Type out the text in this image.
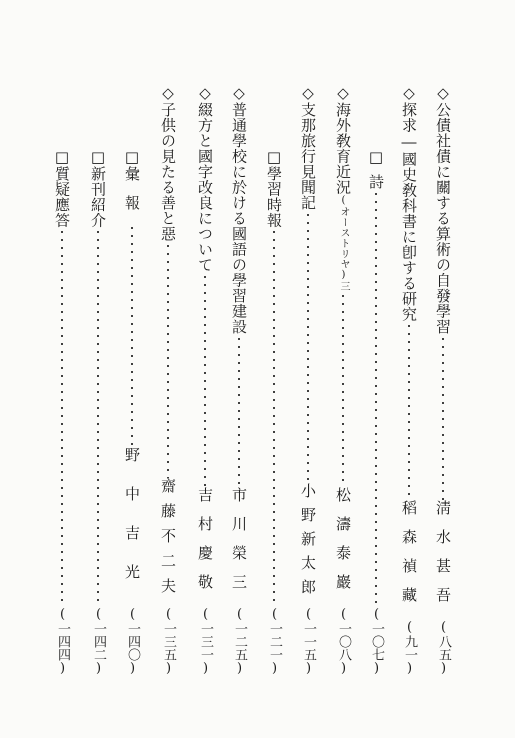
◇
公債社債に關する算術の自發學習
淸水甚吾
(八五)
◇
探求―國史敎科書に卽する研究
稻森禎藏
(九一)
□
詩
(一〇七)
◇
海外敎育近況
(オーストリヤ)三
松濤泰巖
(一〇八)
◇
支那旅行見聞記
小野新太郎
(一一五)
□
學習時報
(一二一)
◇
普通學校に於ける國語の學習建設
市川榮三
(一二五)
◇
綴方と國字改良について
吉村慶敬
(一三一)
◇
子供の見たる善と惡
齋藤不二夫
(一三五)
□
彙報
野中吉光
(一四〇)
□
新刊紹介
(一四二)
□
質疑應答
(一四四)
